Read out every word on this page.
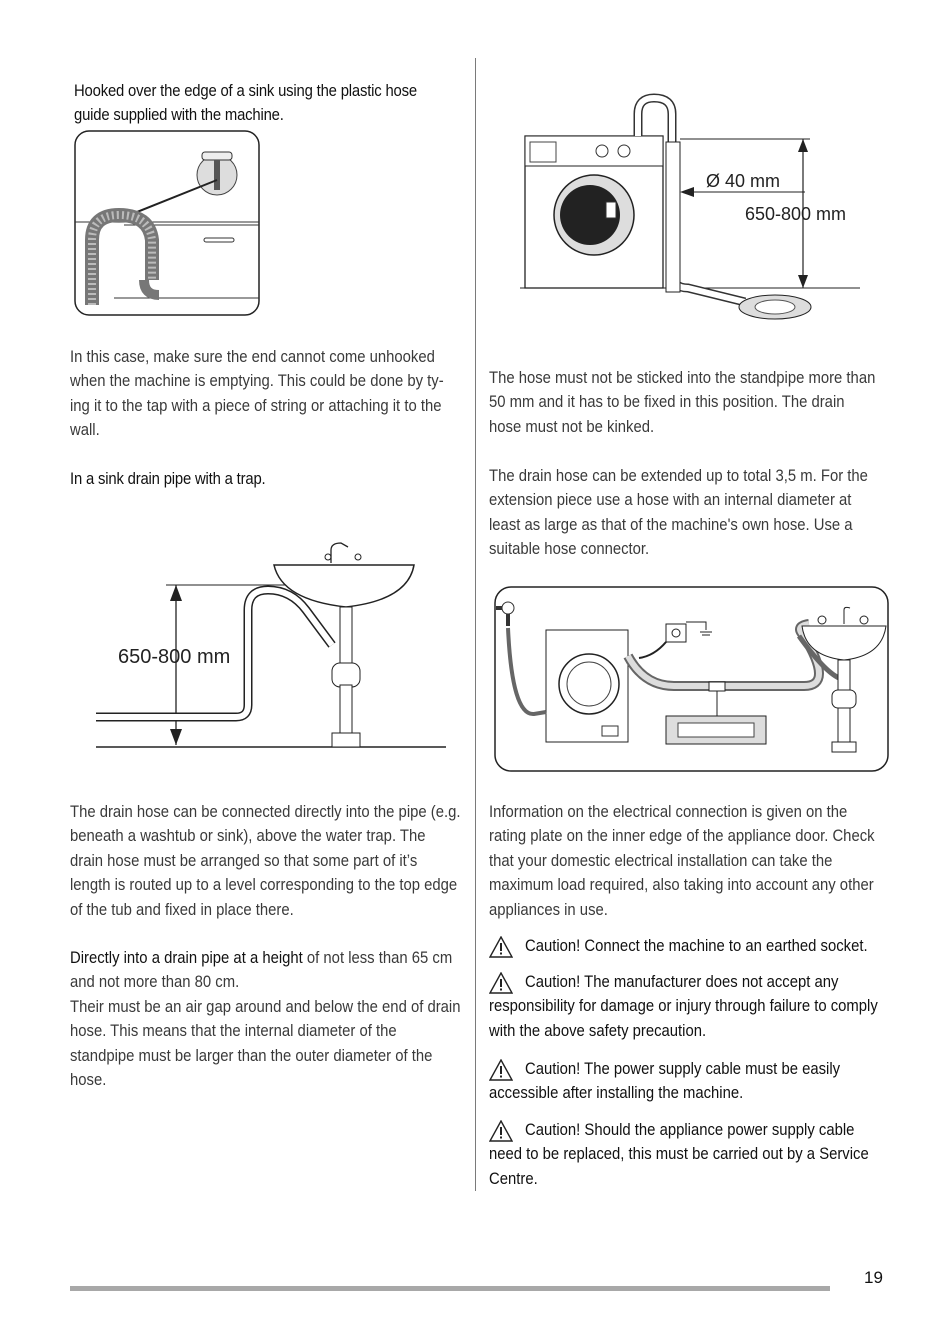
Hooked over the edge of a sink using the plastic hose guide supplied with the machine.
In this case, make sure the end cannot come unhooked when the machine is emptying. This could be done by ty-ing it to the tap with a piece of string or attaching it to the wall.
In a sink drain pipe with a trap.
650-800 mm
The drain hose can be connected directly into the pipe (e.g. beneath a washtub or sink), above the water trap. The drain hose must be arranged so that some part of it’s length is routed up to a level corresponding to the top edge of the tub and fixed in place there.
Directly into a drain pipe at a height of not less than 65 cm and not more than 80 cm.
Their must be an air gap around and below the end of drain hose. This means that the internal diameter of the standpipe must be larger than the outer diameter of the hose.
Ø 40 mm
650-800 mm
The hose must not be sticked into the standpipe more than 50 mm and it has to be fixed in this position. The drain hose must not be kinked.
The drain hose can be extended up to total 3,5 m. For the extension piece use a hose with an internal diameter at least as large as that of the machine's own hose. Use a suitable hose connector.
Information on the electrical connection is given on the rating plate on the inner edge of the appliance door. Check that your domestic electrical installation can take the maximum load required, also taking into account any other appliances in use.
Caution! Connect the machine to an earthed socket.
Caution! The manufacturer does not accept any responsibility for damage or injury through failure to comply with the above safety precaution.
Caution! The power supply cable must be easily accessible after installing the machine.
Caution! Should the appliance power supply cable need to be replaced, this must be carried out by a Service Centre.
19
